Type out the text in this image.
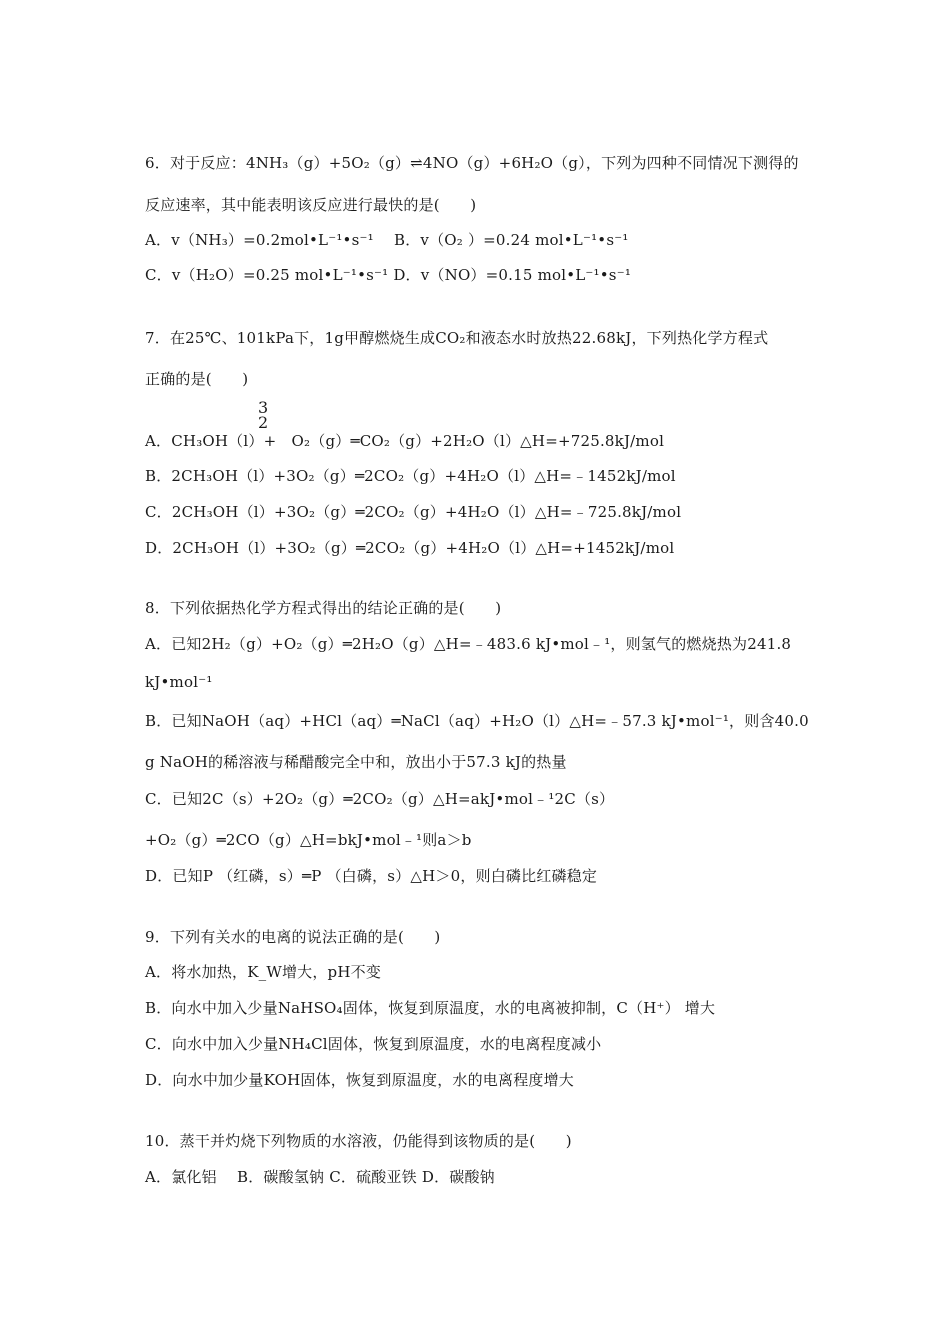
6．对于反应：4NH₃（g）+5O₂（g）⇌4NO（g）+6H₂O（g），下列为四种不同情况下测得的
反应速率，其中能表明该反应进行最快的是(　　)
A．v（NH₃）=0.2mol•L⁻¹•s⁻¹　 B．v（O₂ ）=0.24 mol•L⁻¹•s⁻¹
C．v（H₂O）=0.25 mol•L⁻¹•s⁻¹ D．v（NO）=0.15 mol•L⁻¹•s⁻¹
7．在25℃、101kPa下，1g甲醇燃烧生成CO₂和液态水时放热22.68kJ，下列热化学方程式
正确的是(　　)
3
2
A．CH₃OH（l）+　O₂（g）═CO₂（g）+2H₂O（l）△H=+725.8kJ/mol
B．2CH₃OH（l）+3O₂（g）═2CO₂（g）+4H₂O（l）△H=﹣1452kJ/mol
C．2CH₃OH（l）+3O₂（g）═2CO₂（g）+4H₂O（l）△H=﹣725.8kJ/mol
D．2CH₃OH（l）+3O₂（g）═2CO₂（g）+4H₂O（l）△H=+1452kJ/mol
8．下列依据热化学方程式得出的结论正确的是(　　)
A．已知2H₂（g）+O₂（g）═2H₂O（g）△H=﹣483.6 kJ•mol﹣¹，则氢气的燃烧热为241.8
kJ•mol⁻¹
B．已知NaOH（aq）+HCl（aq）═NaCl（aq）+H₂O（l）△H=﹣57.3 kJ•mol⁻¹，则含40.0
g NaOH的稀溶液与稀醋酸完全中和，放出小于57.3 kJ的热量
C．已知2C（s）+2O₂（g）═2CO₂（g）△H=akJ•mol﹣¹2C（s）
+O₂（g）═2CO（g）△H=bkJ•mol﹣¹则a＞b
D．已知P （红磷，s）═P （白磷，s）△H＞0，则白磷比红磷稳定
9．下列有关水的电离的说法正确的是(　　)
A．将水加热，K_W增大，pH不变
B．向水中加入少量NaHSO₄固体，恢复到原温度，水的电离被抑制，C（H⁺） 增大
C．向水中加入少量NH₄Cl固体，恢复到原温度，水的电离程度减小
D．向水中加少量KOH固体，恢复到原温度，水的电离程度增大
10．蒸干并灼烧下列物质的水溶液，仍能得到该物质的是(　　)
A．氯化铝　 B．碳酸氢钠 C．硫酸亚铁 D．碳酸钠
